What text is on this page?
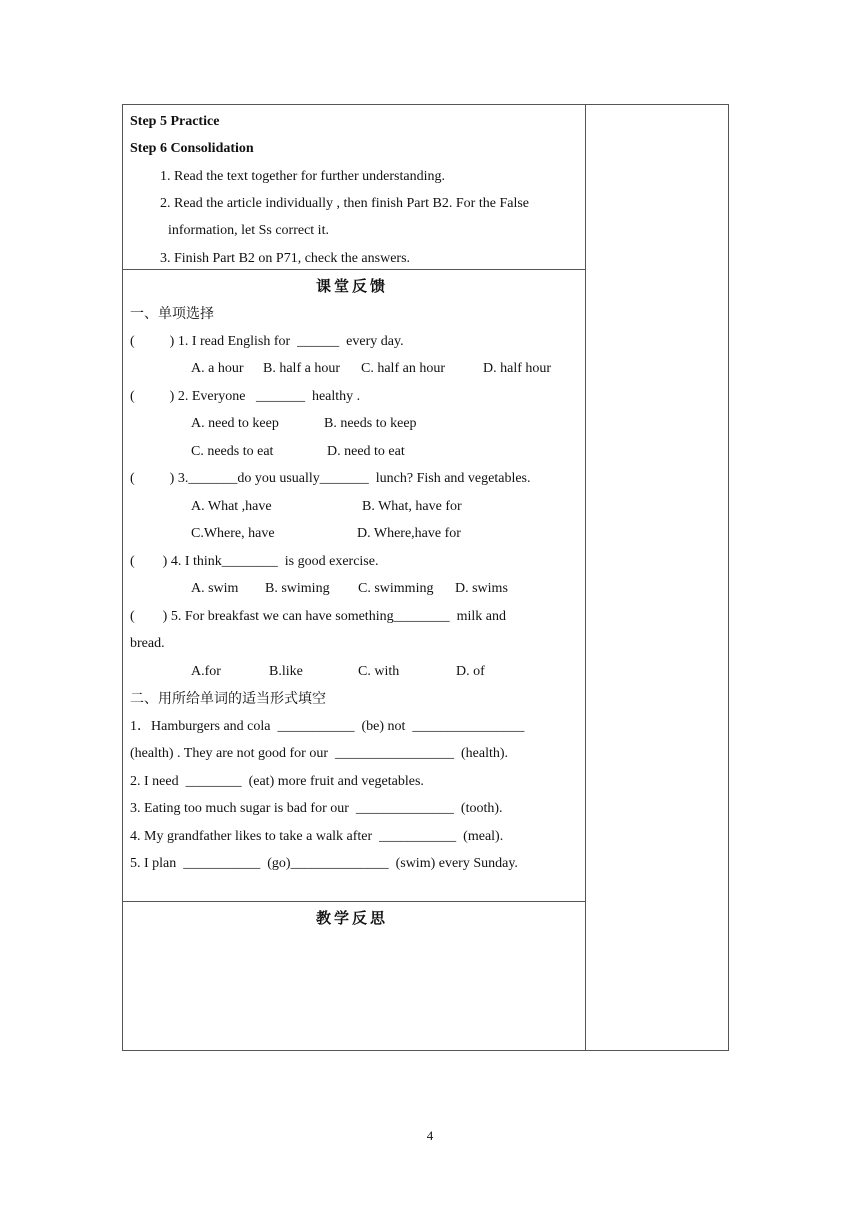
Step 5 Practice
Step 6 Consolidation
1. Read the text together for further understanding.
2. Read the article individually , then finish Part B2. For the False
information, let Ss correct it.
3. Finish Part B2 on P71, check the answers.
课堂反馈
一、单项选择
(          ) 1. I read English for  ______  every day.
A. a hour B. half a hour C. half an hour	D. half hour
(          ) 2. Everyone   _______  healthy .
A. need to keep	B. needs to keep
C. needs to eat	D. need to eat
(          ) 3._______do you usually_______  lunch? Fish and vegetables.
A. What ,have	B. What, have for
C.Where, have	D. Where,have for
(        ) 4. I think________  is good exercise.
A. swim B. swiming C. swimming D. swims
(        ) 5. For breakfast we can have something________  milk and
bread.
A.for	B.like	C. with	D. of
二、用所给单词的适当形式填空
1．Hamburgers and cola  ___________  (be) not  ________________
(health) . They are not good for our  _________________  (health).
2. I need  ________  (eat) more fruit and vegetables.
3. Eating too much sugar is bad for our  ______________  (tooth).
4. My grandfather likes to take a walk after  ___________  (meal).
5. I plan  ___________  (go)______________  (swim) every Sunday.
教学反思
4
